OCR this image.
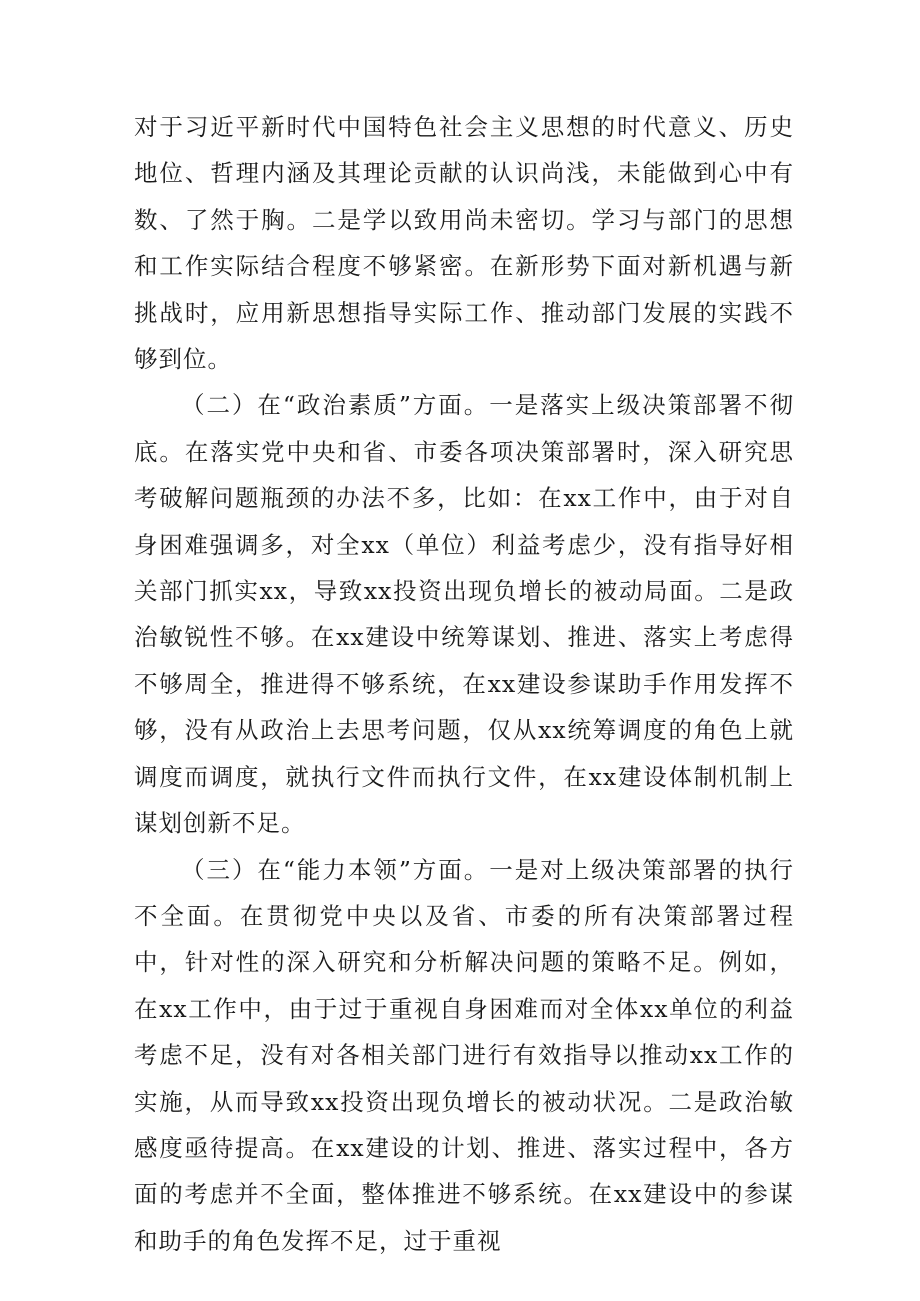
对于习近平新时代中国特色社会主义思想的时代意义、历史地位、哲理内涵及其理论贡献的认识尚浅，未能做到心中有数、了然于胸。二是学以致用尚未密切。学习与部门的思想和工作实际结合程度不够紧密。在新形势下面对新机遇与新挑战时，应用新思想指导实际工作、推动部门发展的实践不够到位。

（二）在“政治素质”方面。一是落实上级决策部署不彻底。在落实党中央和省、市委各项决策部署时，深入研究思考破解问题瓶颈的办法不多，比如：在xx工作中，由于对自身困难强调多，对全xx（单位）利益考虑少，没有指导好相关部门抓实xx，导致xx投资出现负增长的被动局面。二是政治敏锐性不够。在xx建设中统筹谋划、推进、落实上考虑得不够周全，推进得不够系统，在xx建设参谋助手作用发挥不够，没有从政治上去思考问题，仅从xx统筹调度的角色上就调度而调度，就执行文件而执行文件，在xx建设体制机制上谋划创新不足。

（三）在“能力本领”方面。一是对上级决策部署的执行不全面。在贯彻党中央以及省、市委的所有决策部署过程中，针对性的深入研究和分析解决问题的策略不足。例如，在xx工作中，由于过于重视自身困难而对全体xx单位的利益考虑不足，没有对各相关部门进行有效指导以推动xx工作的实施，从而导致xx投资出现负增长的被动状况。二是政治敏感度亟待提高。在xx建设的计划、推进、落实过程中，各方面的考虑并不全面，整体推进不够系统。在xx建设中的参谋和助手的角色发挥不足，过于重视
